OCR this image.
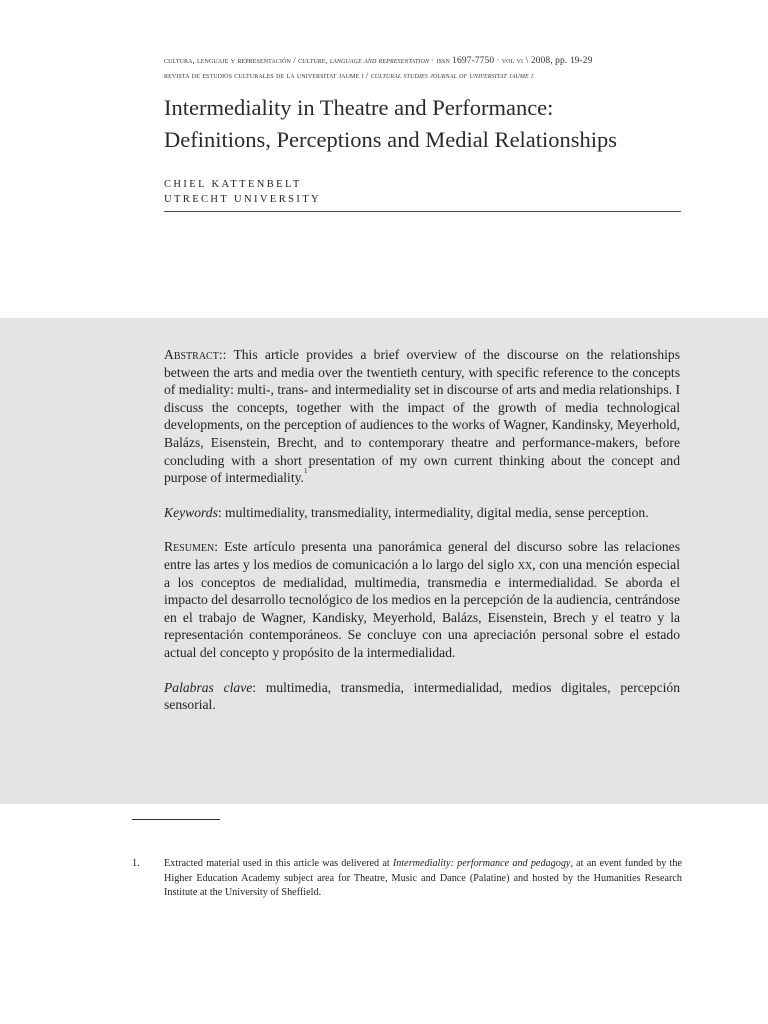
cultura, lenguaje y representación / culture, language and representation · issn 1697-7750 · vol vi \ 2008, pp. 19-29
revista de estudios culturales de la universitat jaume i / cultural studies journal of universitat jaume i
Intermediality in Theatre and Performance:
Definitions, Perceptions and Medial Relationships
CHIEL KATTENBELT
UTRECHT UNIVERSITY

Abstract:: This article provides a brief overview of the discourse on the relationships between the arts and media over the twentieth century, with specific reference to the concepts of mediality: multi-, trans- and intermediality set in discourse of arts and media relationships. I discuss the concepts, together with the impact of the growth of media technological developments, on the perception of audiences to the works of Wagner, Kandinsky, Meyerhold, Balázs, Eisenstein, Brecht, and to contemporary theatre and performance-makers, before concluding with a short presentation of my own current thinking about the concept and purpose of intermediality.$^1$

Keywords: multimediality, transmediality, intermediality, digital media, sense perception.

Resumen: Este artículo presenta una panorámica general del discurso sobre las relaciones entre las artes y los medios de comunicación a lo largo del siglo xx, con una mención especial a los conceptos de medialidad, multimedia, transmedia e intermedialidad. Se aborda el impacto del desarrollo tecnológico de los medios en la percepción de la audiencia, centrándose en el trabajo de Wagner, Kandisky, Meyerhold, Balázs, Eisenstein, Brech y el teatro y la representación contemporáneos. Se concluye con una apreciación personal sobre el estado actual del concepto y propósito de la intermedialidad.

Palabras clave: multimedia, transmedia, intermedialidad, medios digitales, percepción sensorial.

1.	Extracted material used in this article was delivered at Intermediality: performance and pedagogy, at an event funded by the Higher Education Academy subject area for Theatre, Music and Dance (Palatine) and hosted by the Humanities Research Institute at the University of Sheffield.
